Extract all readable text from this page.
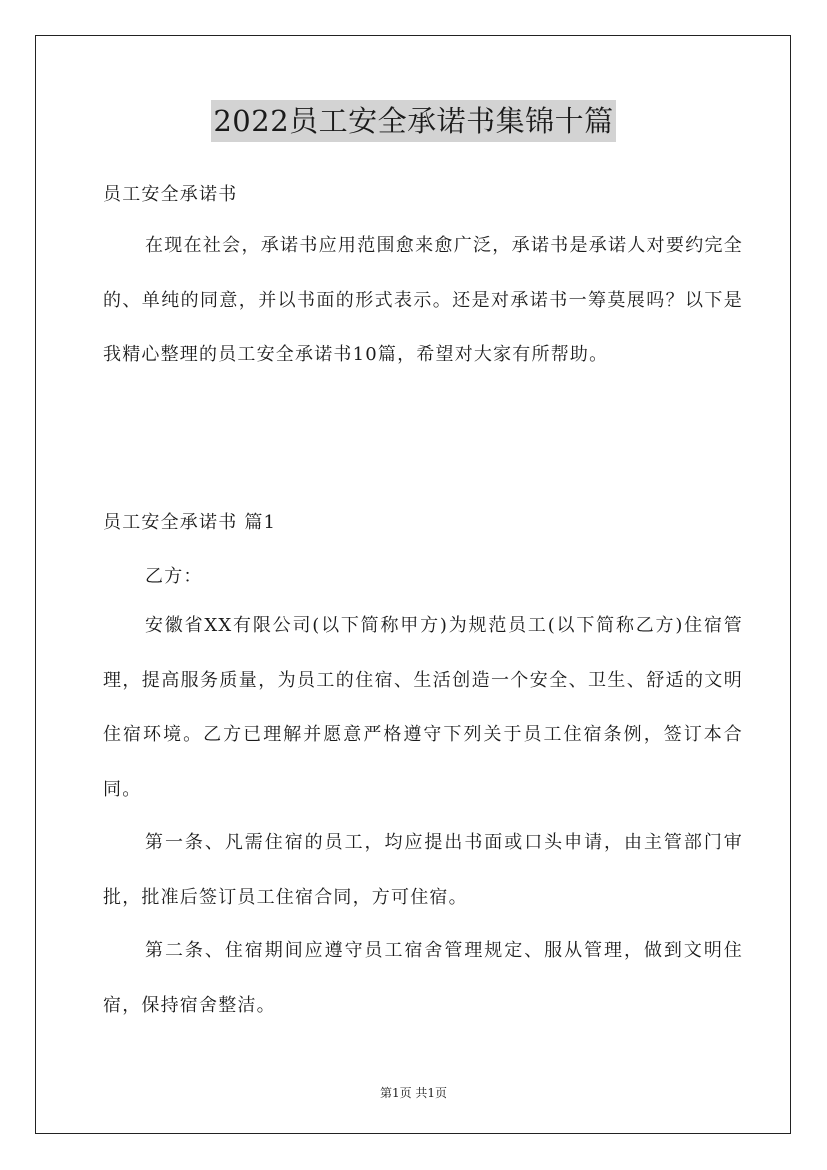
2022员工安全承诺书集锦十篇
员工安全承诺书
在现在社会，承诺书应用范围愈来愈广泛，承诺书是承诺人对要约完全的、单纯的同意，并以书面的形式表示。还是对承诺书一筹莫展吗？以下是我精心整理的员工安全承诺书10篇，希望对大家有所帮助。
员工安全承诺书 篇1
乙方：
安徽省XX有限公司(以下简称甲方)为规范员工(以下简称乙方)住宿管理，提高服务质量，为员工的住宿、生活创造一个安全、卫生、舒适的文明住宿环境。乙方已理解并愿意严格遵守下列关于员工住宿条例，签订本合同。
第一条、凡需住宿的员工，均应提出书面或口头申请，由主管部门审批，批准后签订员工住宿合同，方可住宿。
第二条、住宿期间应遵守员工宿舍管理规定、服从管理，做到文明住宿，保持宿舍整洁。
第1页 共1页
